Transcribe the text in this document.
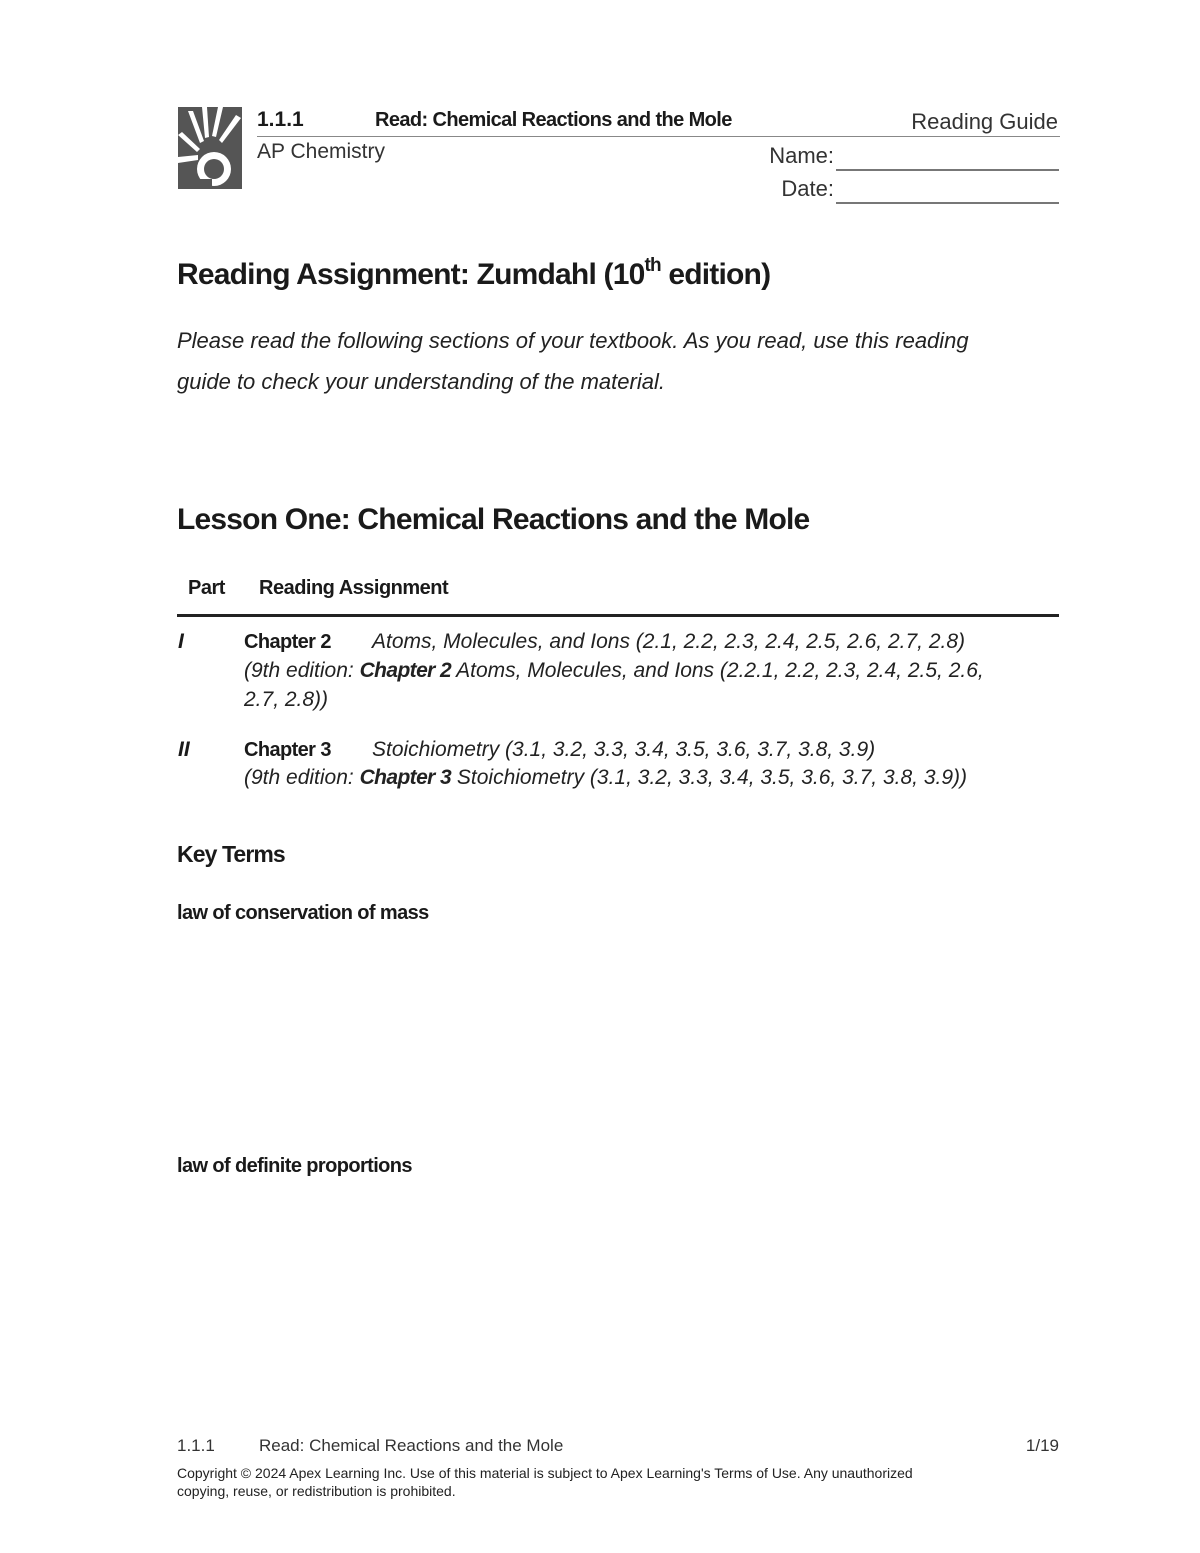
1.1.1	Read: Chemical Reactions and the Mole	Reading Guide
AP Chemistry	Name:
Date:
Reading Assignment: Zumdahl (10th edition)
Please read the following sections of your textbook. As you read, use this reading
guide to check your understanding of the material.
Lesson One: Chemical Reactions and the Mole
Part Reading Assignment
I	Chapter 2 Atoms, Molecules, and Ions (2.1, 2.2, 2.3, 2.4, 2.5, 2.6, 2.7, 2.8)
(9th edition: Chapter 2 Atoms, Molecules, and Ions (2.2.1, 2.2, 2.3, 2.4, 2.5, 2.6,
2.7, 2.8))
II	Chapter 3 Stoichiometry (3.1, 3.2, 3.3, 3.4, 3.5, 3.6, 3.7, 3.8, 3.9)
(9th edition: Chapter 3 Stoichiometry (3.1, 3.2, 3.3, 3.4, 3.5, 3.6, 3.7, 3.8, 3.9))
Key Terms
law of conservation of mass
law of definite proportions
1.1.1	Read: Chemical Reactions and the Mole	1/19
Copyright © 2024 Apex Learning Inc. Use of this material is subject to Apex Learning's Terms of Use. Any unauthorized
copying, reuse, or redistribution is prohibited.
